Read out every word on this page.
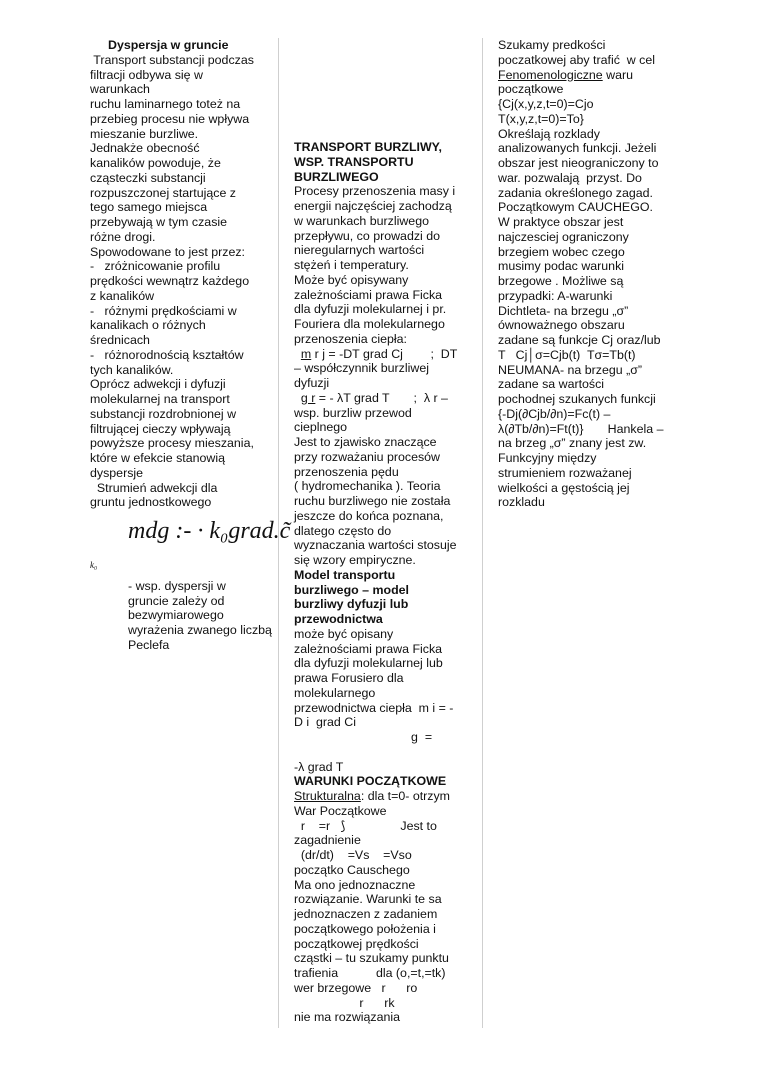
Dyspersja w gruncie
Transport substancji podczas
filtracji odbywa się w
warunkach
ruchu laminarnego toteż na
przebieg procesu nie wpływa
mieszanie burzliwe.
Jednakże obecność
kanalików powoduje, że
cząsteczki substancji
rozpuszczonej startujące z
tego samego miejsca
przebywają w tym czasie
różne drogi.
Spowodowane to jest przez:
-   zróżnicowanie profilu
prędkości wewnątrz każdego
z kanalików
-   różnymi prędkościami w
kanalikach o różnych
średnicach
-   różnorodnością kształtów
tych kanalików.
Oprócz adwekcji i dyfuzji
molekularnej na transport
substancji rozdrobnionej w
filtrującej cieczy wpływają
powyższe procesy mieszania,
które w efekcie stanowią
dyspersje
Strumień adwekcji dla
gruntu jednostkowego
mdg :- · k₀grad.c̃
k₀
- wsp. dyspersji w
gruncie zależy od
bezwymiarowego
wyrażenia zwanego liczbą
Peclefa
TRANSPORT BURZLIWY,
WSP. TRANSPORTU
BURZLIWEGO
Procesy przenoszenia masy i
energii najczęściej zachodzą
w warunkach burzliwego
przepływu, co prowadzi do
nieregularnych wartości
stężeń i temperatury.
Może być opisywany
zależnościami prawa Ficka
dla dyfuzji molekularnej i pr.
Fouriera dla molekularnego
przenoszenia ciepła:
m r j = -DT grad Cj        ;  DT
– współczynnik burzliwej
dyfuzji
g r = - λT grad T       ;  λ r –
wsp. burzliw przewod
cieplnego
Jest to zjawisko znaczące
przy rozważaniu procesów
przenoszenia pędu
( hydromechanika ). Teoria
ruchu burzliwego nie została
jeszcze do końca poznana,
dlatego często do
wyznaczania wartości stosuje
się wzory empiryczne.
Model transportu
burzliwego – model
burzliwy dyfuzji lub
przewodnictwa
może być opisany
zależnościami prawa Ficka
dla dyfuzji molekularnej lub
prawa Forusiero dla
molekularnego
przewodnictwa ciepła  m i = -
D i  grad Ci
g  =
-λ grad T
WARUNKI POCZĄTKOWE
Strukturalna: dla t=0- otrzym
War Początkowe
r    =r   ⟆                Jest to
zagadnienie
(dr/dt)    =Vs    =Vso
początko Causchego
Ma ono jednoznaczne
rozwiązanie. Warunki te sa
jednoznaczen z zadaniem
początkowego położenia i
początkowej prędkości
cząstki – tu szukamy punktu
trafienia           dla (o,=t,=tk)
wer brzegowe   r      ro
r      rk
nie ma rozwiązania
Szukamy predkości
poczatkowej aby trafić  w cel
Fenomenologiczne waru
początkowe
{Cj(x,y,z,t=0)=Cjo
T(x,y,z,t=0)=To}
Określają rozklady
analizowanych funkcji. Jeżeli
obszar jest nieograniczony to
war. pozwalają  przyst. Do
zadania określonego zagad.
Początkowym CAUCHEGO.
W praktyce obszar jest
najczesciej ograniczony
brzegiem wobec czego
musimy podac warunki
brzegowe . Możliwe są
przypadki: A-warunki
Dichtleta- na brzegu „σ”
ównoważnego obszaru
zadane są funkcje Cj oraz/lub
T   Cj│σ=Cjb(t)  Tσ=Tb(t)
NEUMANA- na brzegu „σ”
zadane sa wartości
pochodnej szukanych funkcji
{-Dj(∂Cjb/∂n)=Fc(t) –
λ(∂Tb/∂n)=Ft(t)}       Hankela –
na brzeg „σ” znany jest zw.
Funkcyjny między
strumieniem rozważanej
wielkości a gęstością jej
rozkladu
